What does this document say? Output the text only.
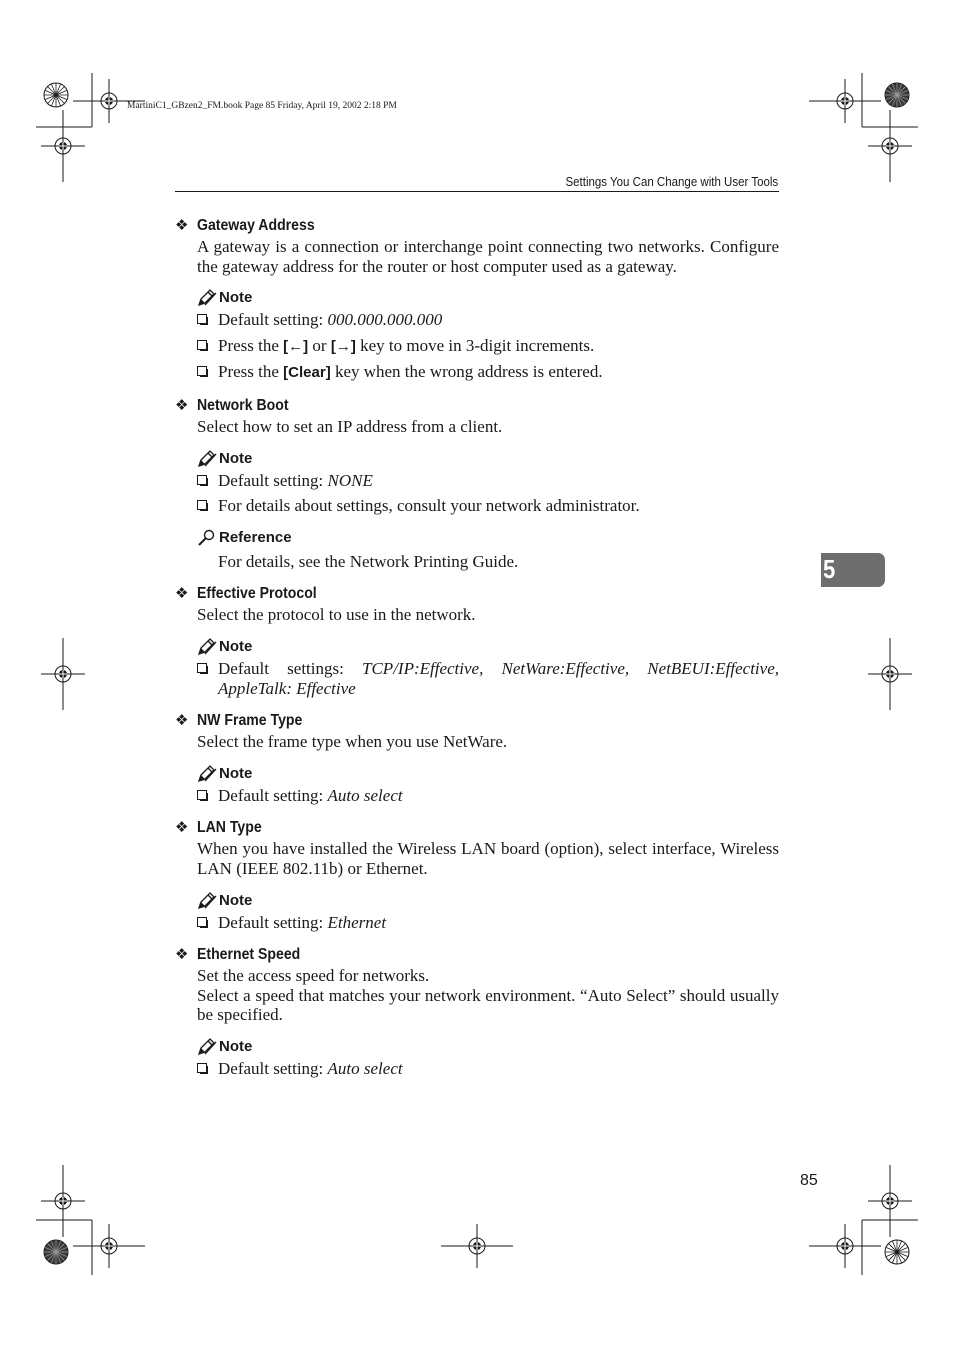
MartiniC1_GBzen2_FM.book Page 85 Friday, April 19, 2002 2:18 PM
Settings You Can Change with User Tools
5
❖ Gateway Address

A gateway is a connection or interchange point connecting two networks. Configure the gateway address for the router or host computer used as a gateway.

Note
Default setting: 000.000.000.000
Press the [←] or [→] key to move in 3-digit increments.
Press the [Clear] key when the wrong address is entered.
❖ Network Boot

Select how to set an IP address from a client.

Note
Default setting: NONE
For details about settings, consult your network administrator.
Reference
For details, see the Network Printing Guide.
❖ Effective Protocol

Select the protocol to use in the network.

Note
Default settings: TCP/IP:Effective, NetWare:Effective, NetBEUI:Effective, AppleTalk: Effective
❖ NW Frame Type

Select the frame type when you use NetWare.

Note
Default setting: Auto select
❖ LAN Type

When you have installed the Wireless LAN board (option), select interface, Wireless LAN (IEEE 802.11b) or Ethernet.

Note
Default setting: Ethernet
❖ Ethernet Speed

Set the access speed for networks.

Select a speed that matches your network environment. “Auto Select” should usually be specified.

Note
Default setting: Auto select
85
